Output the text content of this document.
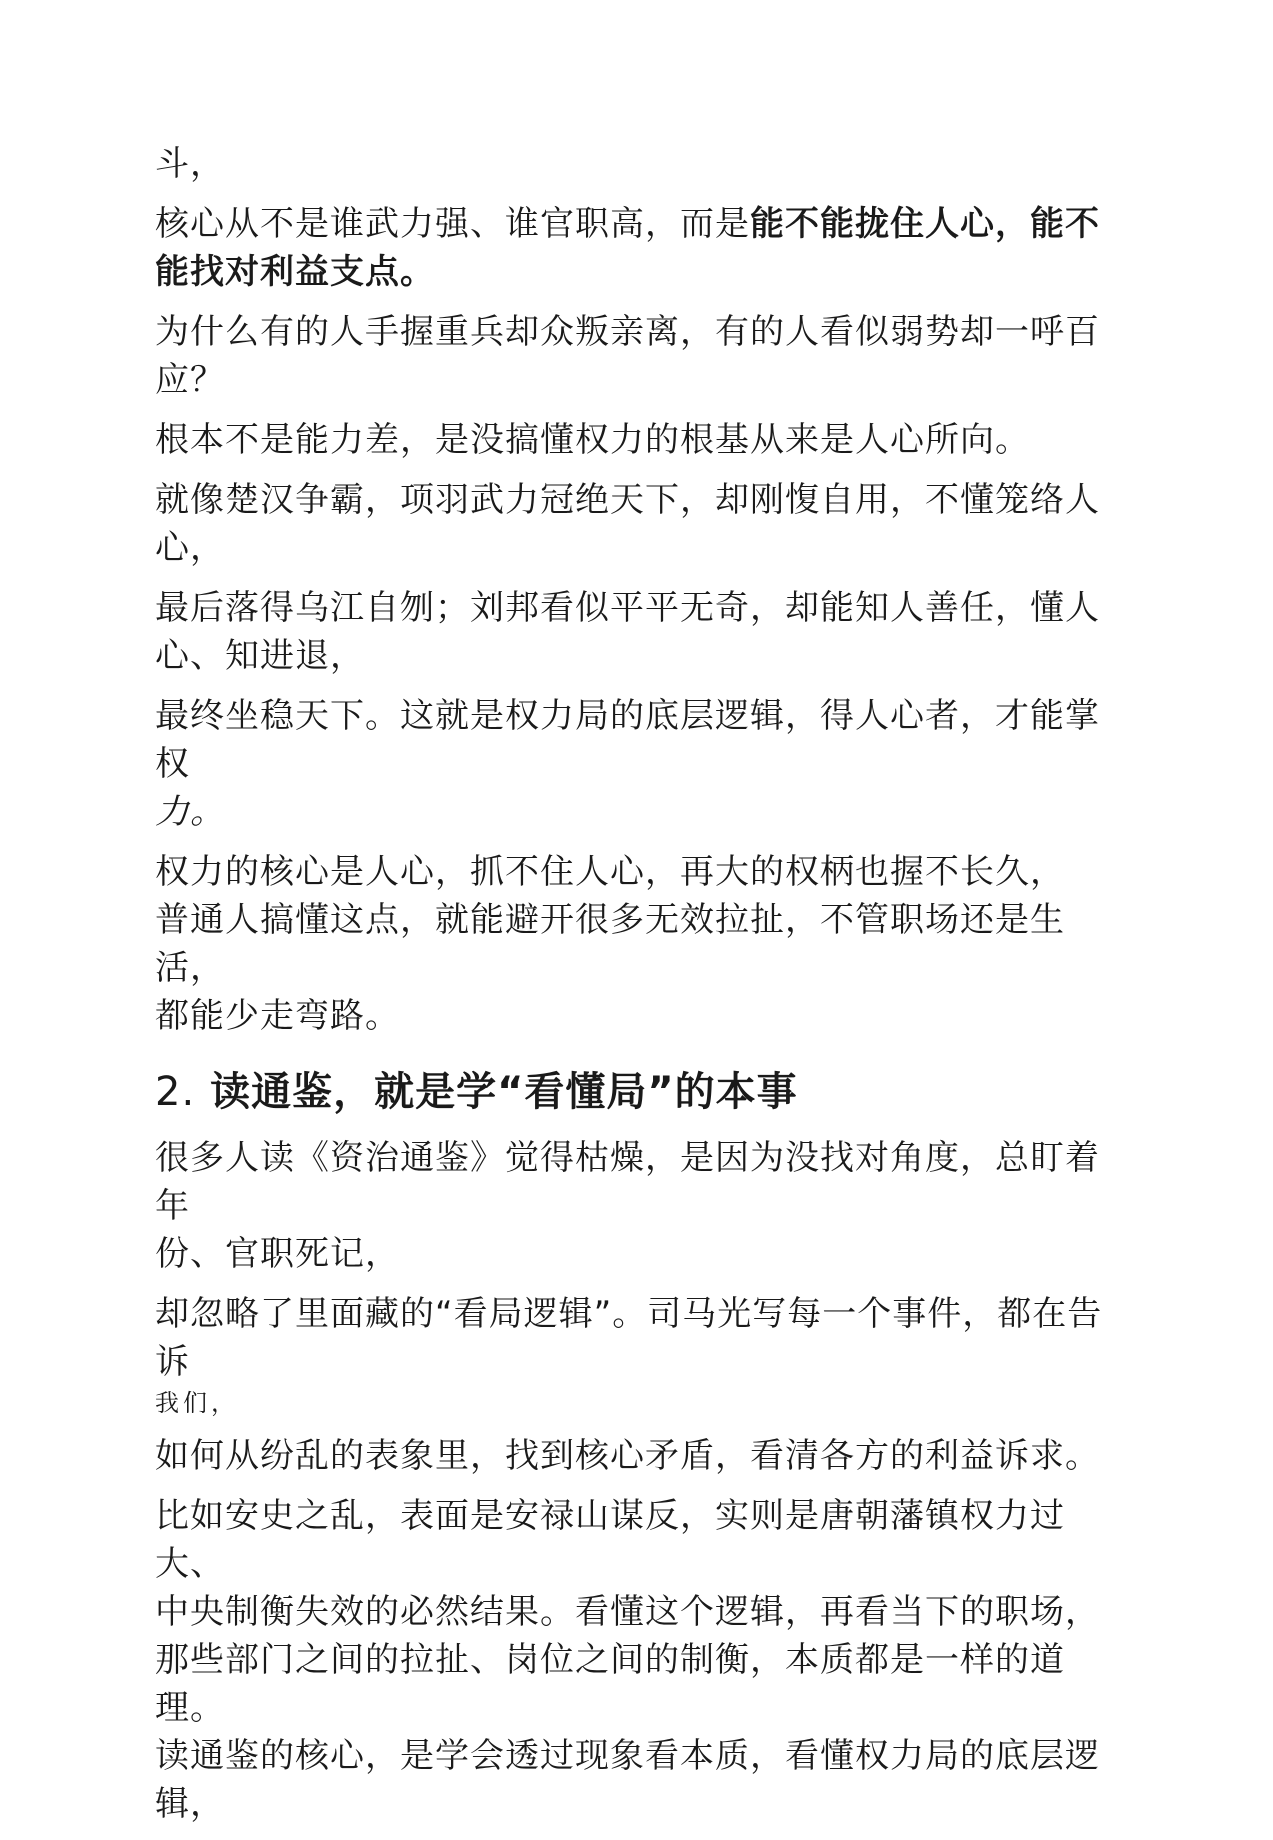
斗，

核心从不是谁武力强、谁官职高，而是能不能拢住人心，能不能找对利益支点。

为什么有的人手握重兵却众叛亲离，有的人看似弱势却一呼百
应？

根本不是能力差，是没搞懂权力的根基从来是人心所向。

就像楚汉争霸，项羽武力冠绝天下，却刚愎自用，不懂笼络人
心，

最后落得乌江自刎；刘邦看似平平无奇，却能知人善任，懂人
心、知进退，

最终坐稳天下。这就是权力局的底层逻辑，得人心者，才能掌权
力。

权力的核心是人心，抓不住人心，再大的权柄也握不长久，
普通人搞懂这点，就能避开很多无效拉扯，不管职场还是生活，
都能少走弯路。

2. 读通鉴，就是学“看懂局”的本事

很多人读《资治通鉴》觉得枯燥，是因为没找对角度，总盯着年
份、官职死记，

却忽略了里面藏的“看局逻辑”。司马光写每一个事件，都在告诉
我们，

如何从纷乱的表象里，找到核心矛盾，看清各方的利益诉求。

比如安史之乱，表面是安禄山谋反，实则是唐朝藩镇权力过大、
中央制衡失效的必然结果。看懂这个逻辑，再看当下的职场，
那些部门之间的拉扯、岗位之间的制衡，本质都是一样的道理。
读通鉴的核心，是学会透过现象看本质，看懂权力局的底层逻
辑，
